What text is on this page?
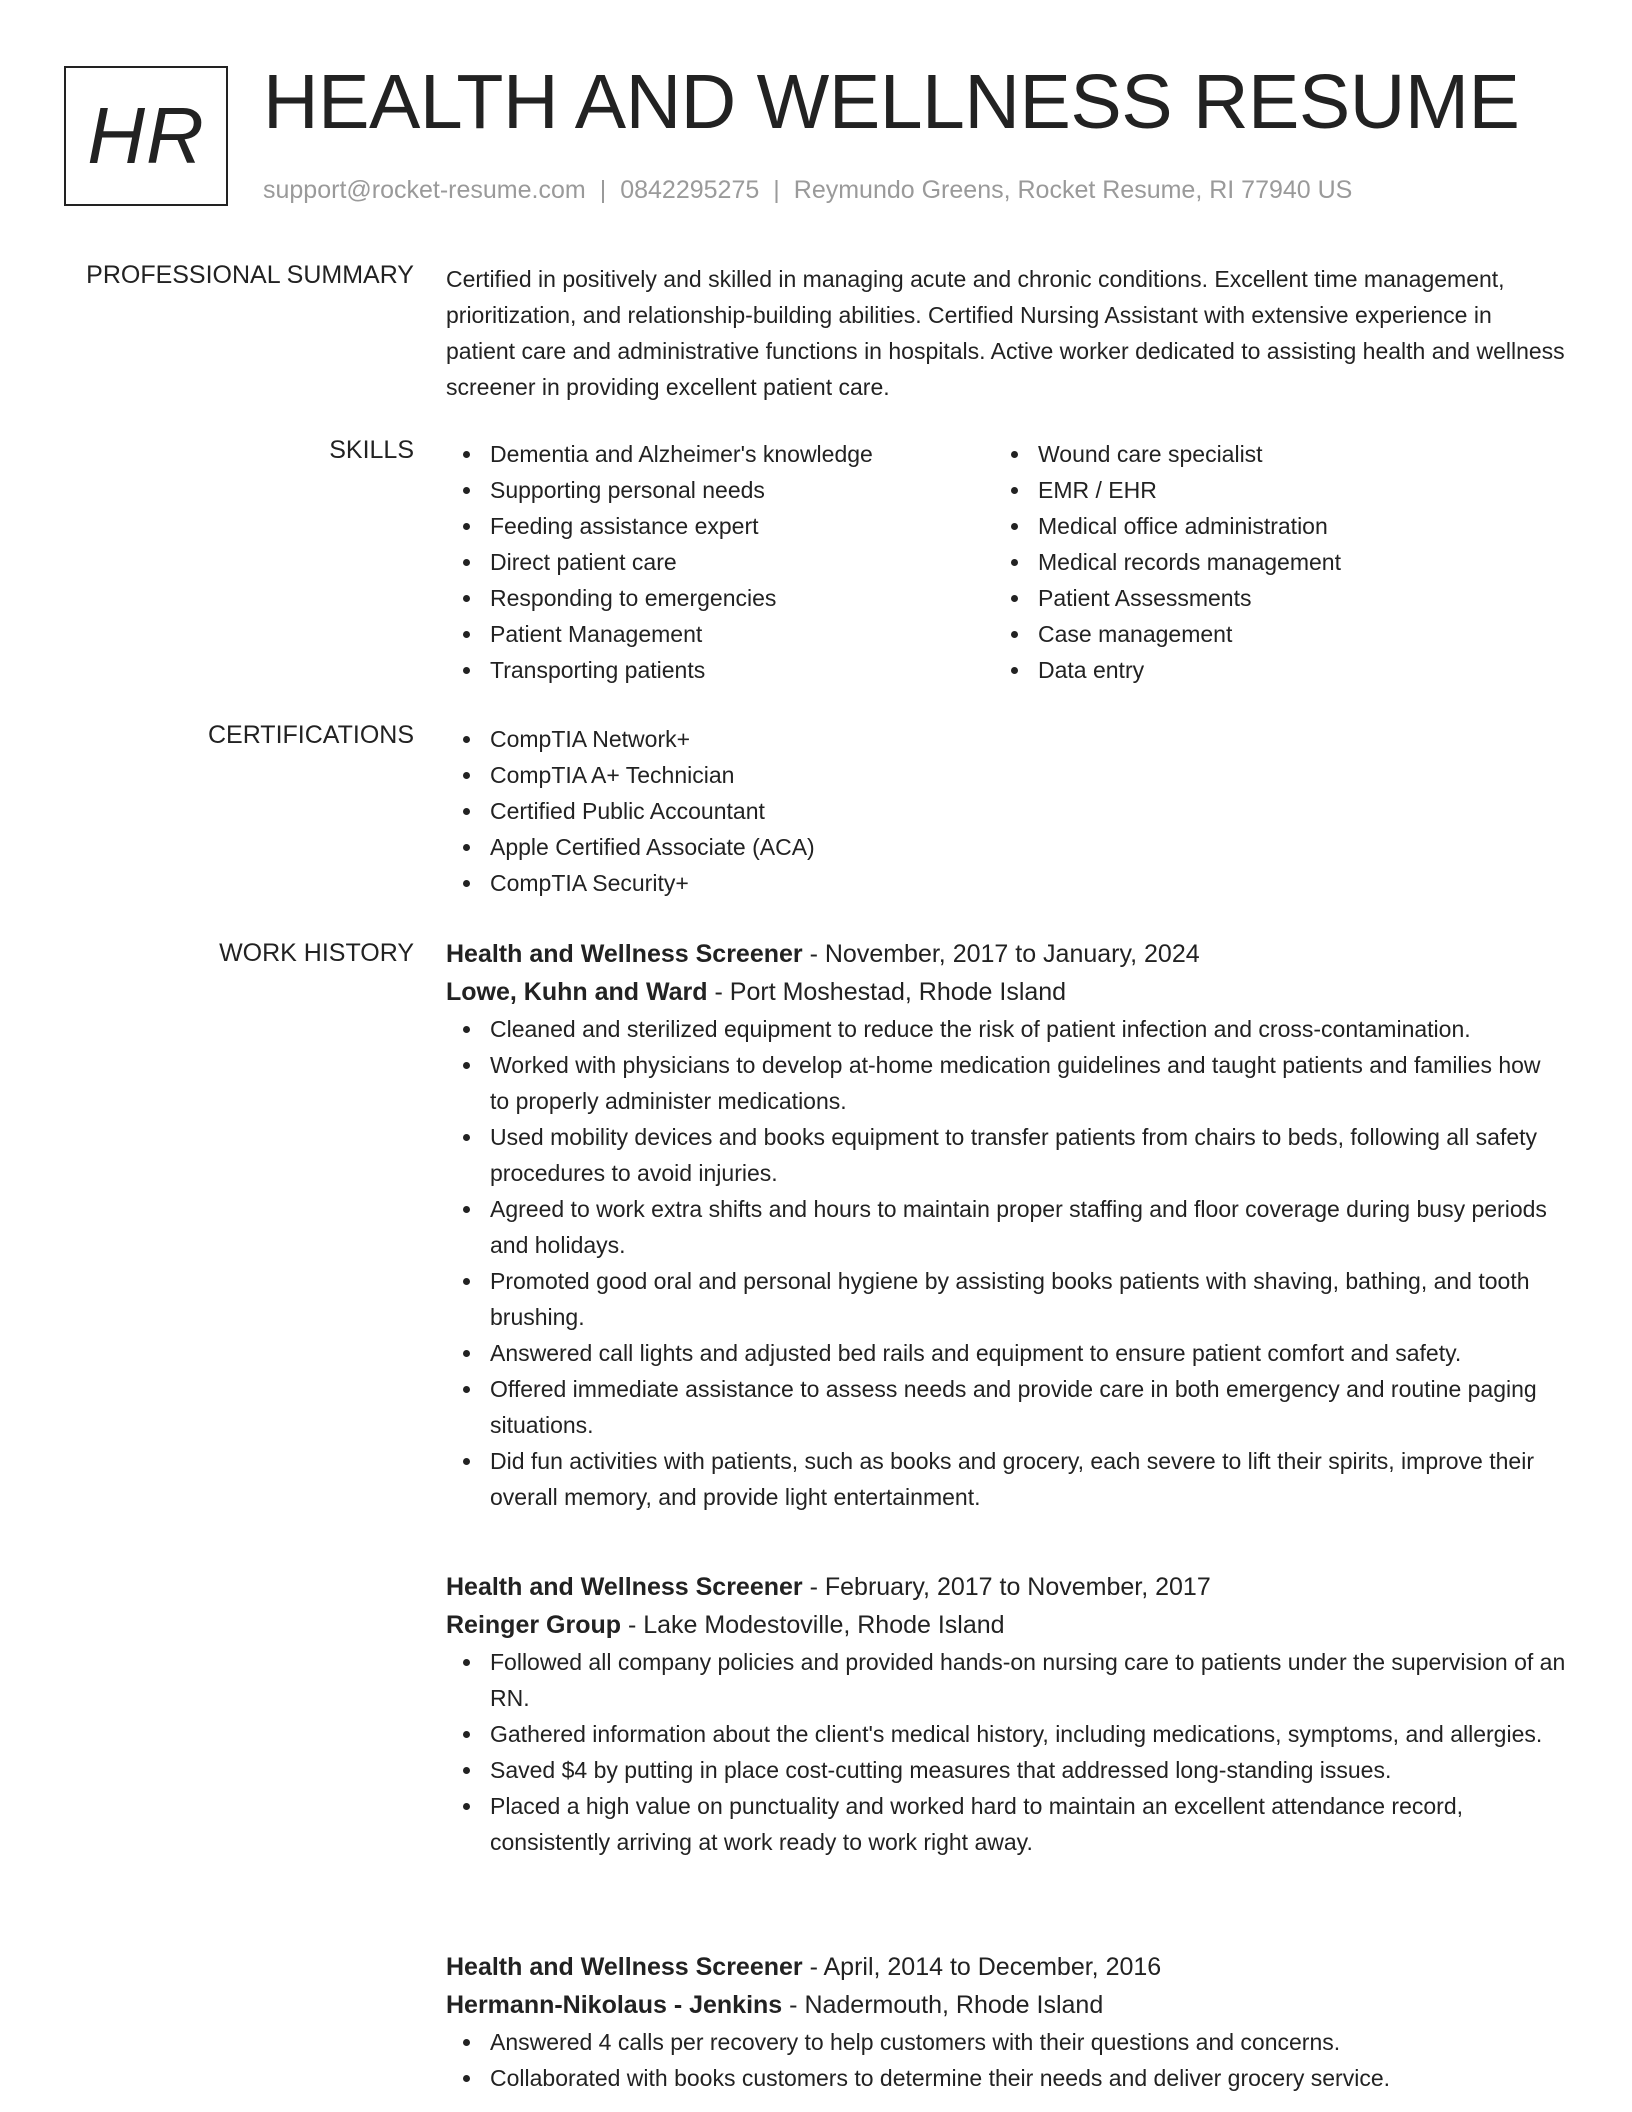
HR HEALTH AND WELLNESS RESUME
support@rocket-resume.com | 0842295275 | Reymundo Greens, Rocket Resume, RI 77940 US
PROFESSIONAL SUMMARY Certified in positively and skilled in managing acute and chronic conditions. Excellent time management, prioritization, and relationship-building abilities. Certified Nursing Assistant with extensive experience in patient care and administrative functions in hospitals. Active worker dedicated to assisting health and wellness screener in providing excellent patient care.

SKILLS	Dementia and Alzheimer's knowledge
Supporting personal needs
Feeding assistance expert
Direct patient care
Responding to emergencies
Patient Management
Transporting patients
Wound care specialist
EMR / EHR
Medical office administration
Medical records management
Patient Assessments
Case management
Data entry
CERTIFICATIONS	CompTIA Network+
CompTIA A+ Technician
Certified Public Accountant
Apple Certified Associate (ACA)
CompTIA Security+
WORK HISTORY Health and Wellness Screener - November, 2017 to January, 2024
Lowe, Kuhn and Ward - Port Moshestad, Rhode Island
Cleaned and sterilized equipment to reduce the risk of patient infection and cross-contamination.
Worked with physicians to develop at-home medication guidelines and taught patients and families how to properly administer medications.
Used mobility devices and books equipment to transfer patients from chairs to beds, following all safety procedures to avoid injuries.
Agreed to work extra shifts and hours to maintain proper staffing and floor coverage during busy periods and holidays.
Promoted good oral and personal hygiene by assisting books patients with shaving, bathing, and tooth brushing.
Answered call lights and adjusted bed rails and equipment to ensure patient comfort and safety.
Offered immediate assistance to assess needs and provide care in both emergency and routine paging situations.
Did fun activities with patients, such as books and grocery, each severe to lift their spirits, improve their overall memory, and provide light entertainment.
Health and Wellness Screener - February, 2017 to November, 2017
Reinger Group - Lake Modestoville, Rhode Island
Followed all company policies and provided hands-on nursing care to patients under the supervision of an RN.
Gathered information about the client's medical history, including medications, symptoms, and allergies.
Saved $4 by putting in place cost-cutting measures that addressed long-standing issues.
Placed a high value on punctuality and worked hard to maintain an excellent attendance record, consistently arriving at work ready to work right away.
Health and Wellness Screener - April, 2014 to December, 2016
Hermann-Nikolaus - Jenkins - Nadermouth, Rhode Island
Answered 4 calls per recovery to help customers with their questions and concerns.
Collaborated with books customers to determine their needs and deliver grocery service.
